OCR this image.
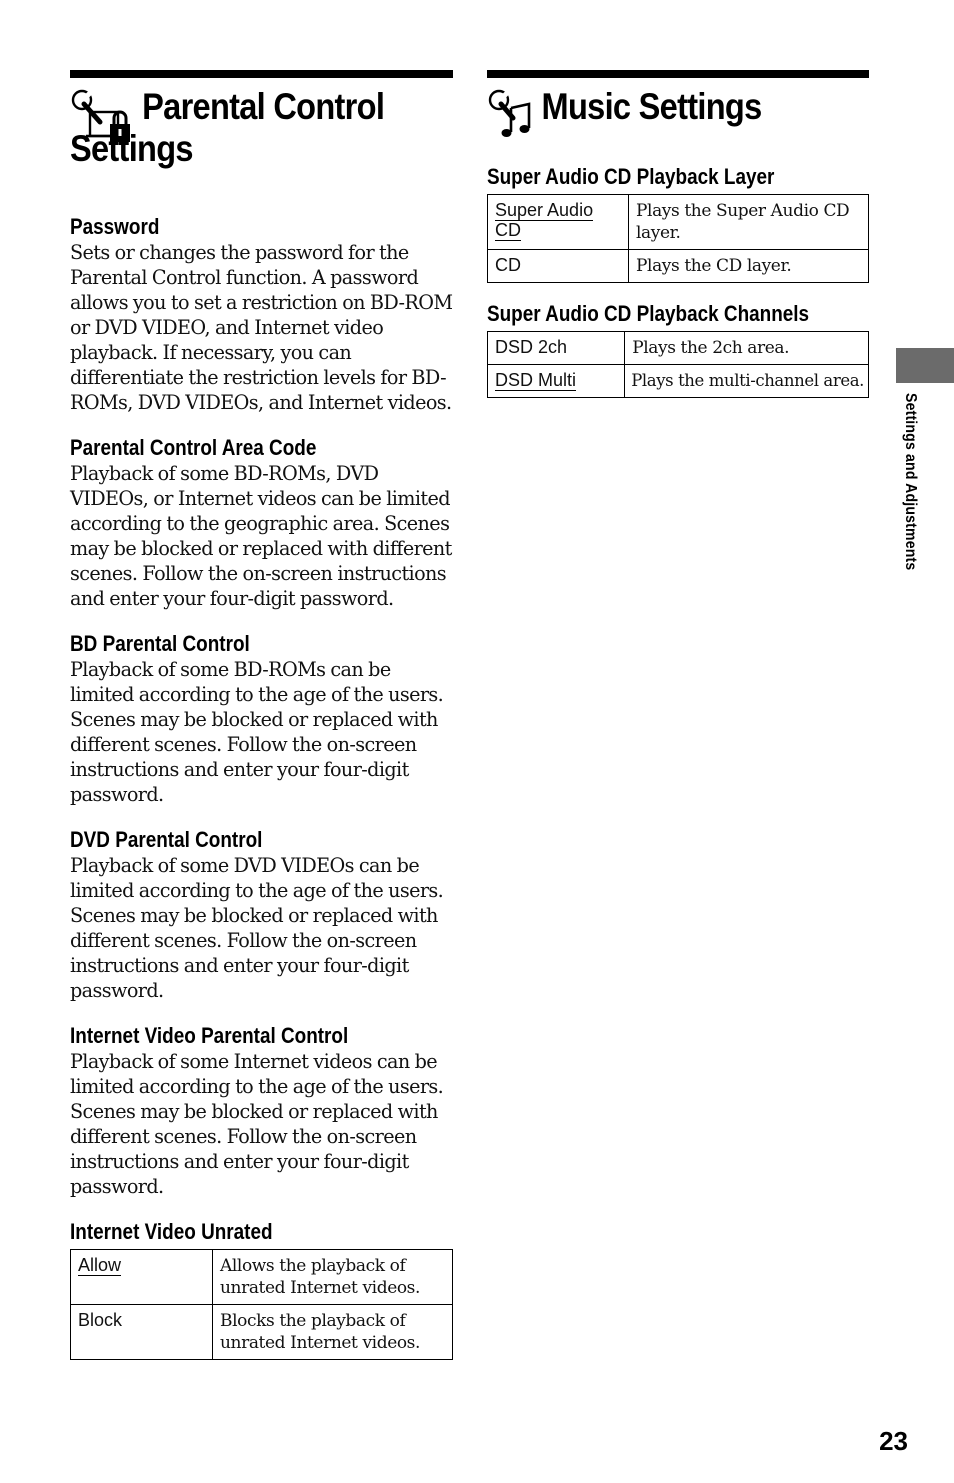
Parental Control
Settings
Password

Sets or changes the password for the Parental Control function. A password allows you to set a restriction on BD-ROM or DVD VIDEO, and Internet video playback. If necessary, you can differentiate the restriction levels for BD-ROMs, DVD VIDEOs, and Internet videos.

Parental Control Area Code

Playback of some BD-ROMs, DVD VIDEOs, or Internet videos can be limited according to the geographic area. Scenes may be blocked or replaced with different scenes. Follow the on-screen instructions and enter your four-digit password.

BD Parental Control

Playback of some BD-ROMs can be limited according to the age of the users. Scenes may be blocked or replaced with different scenes. Follow the on-screen instructions and enter your four-digit password.

DVD Parental Control

Playback of some DVD VIDEOs can be limited according to the age of the users. Scenes may be blocked or replaced with different scenes. Follow the on-screen instructions and enter your four-digit password.

Internet Video Parental Control

Playback of some Internet videos can be limited according to the age of the users. Scenes may be blocked or replaced with different scenes. Follow the on-screen instructions and enter your four-digit password.

Internet Video Unrated
Allow	Allows the playback of unrated Internet videos.
Block	Blocks the playback of unrated Internet videos.
Music Settings
Super Audio CD Playback Layer
Super Audio CD	Plays the Super Audio CD layer.
CD	Plays the CD layer.
Super Audio CD Playback Channels
DSD 2ch	Plays the 2ch area.
DSD Multi	Plays the multi-channel area.
Settings and Adjustments
23
